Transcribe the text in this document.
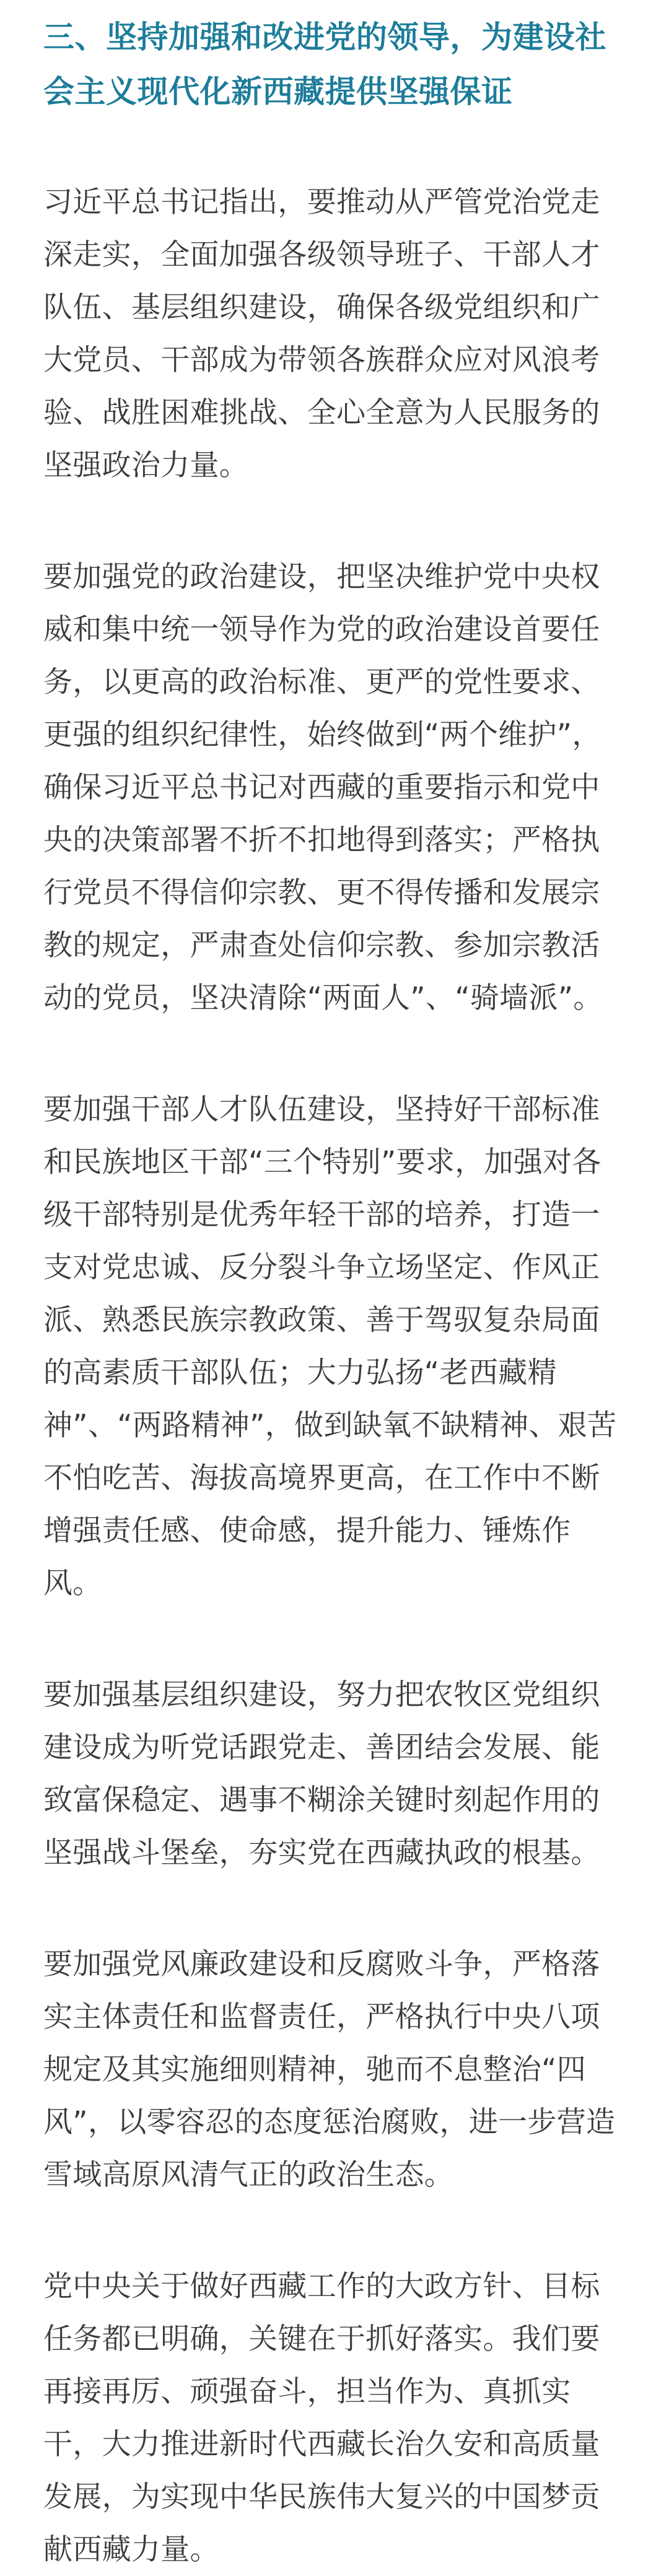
三、坚持加强和改进党的领导，为建设社会主义现代化新西藏提供坚强保证

习近平总书记指出，要推动从严管党治党走深走实，全面加强各级领导班子、干部人才队伍、基层组织建设，确保各级党组织和广大党员、干部成为带领各族群众应对风浪考验、战胜困难挑战、全心全意为人民服务的坚强政治力量。

要加强党的政治建设，把坚决维护党中央权威和集中统一领导作为党的政治建设首要任务，以更高的政治标准、更严的党性要求、更强的组织纪律性，始终做到“两个维护”，确保习近平总书记对西藏的重要指示和党中央的决策部署不折不扣地得到落实；严格执行党员不得信仰宗教、更不得传播和发展宗教的规定，严肃查处信仰宗教、参加宗教活动的党员，坚决清除“两面人”、“骑墙派”。

要加强干部人才队伍建设，坚持好干部标准和民族地区干部“三个特别”要求，加强对各级干部特别是优秀年轻干部的培养，打造一支对党忠诚、反分裂斗争立场坚定、作风正派、熟悉民族宗教政策、善于驾驭复杂局面的高素质干部队伍；大力弘扬“老西藏精神”、“两路精神”，做到缺氧不缺精神、艰苦不怕吃苦、海拔高境界更高，在工作中不断增强责任感、使命感，提升能力、锤炼作风。

要加强基层组织建设，努力把农牧区党组织建设成为听党话跟党走、善团结会发展、能致富保稳定、遇事不糊涂关键时刻起作用的坚强战斗堡垒，夯实党在西藏执政的根基。

要加强党风廉政建设和反腐败斗争，严格落实主体责任和监督责任，严格执行中央八项规定及其实施细则精神，驰而不息整治“四风”，以零容忍的态度惩治腐败，进一步营造雪域高原风清气正的政治生态。

党中央关于做好西藏工作的大政方针、目标任务都已明确，关键在于抓好落实。我们要再接再厉、顽强奋斗，担当作为、真抓实干，大力推进新时代西藏长治久安和高质量发展，为实现中华民族伟大复兴的中国梦贡献西藏力量。
